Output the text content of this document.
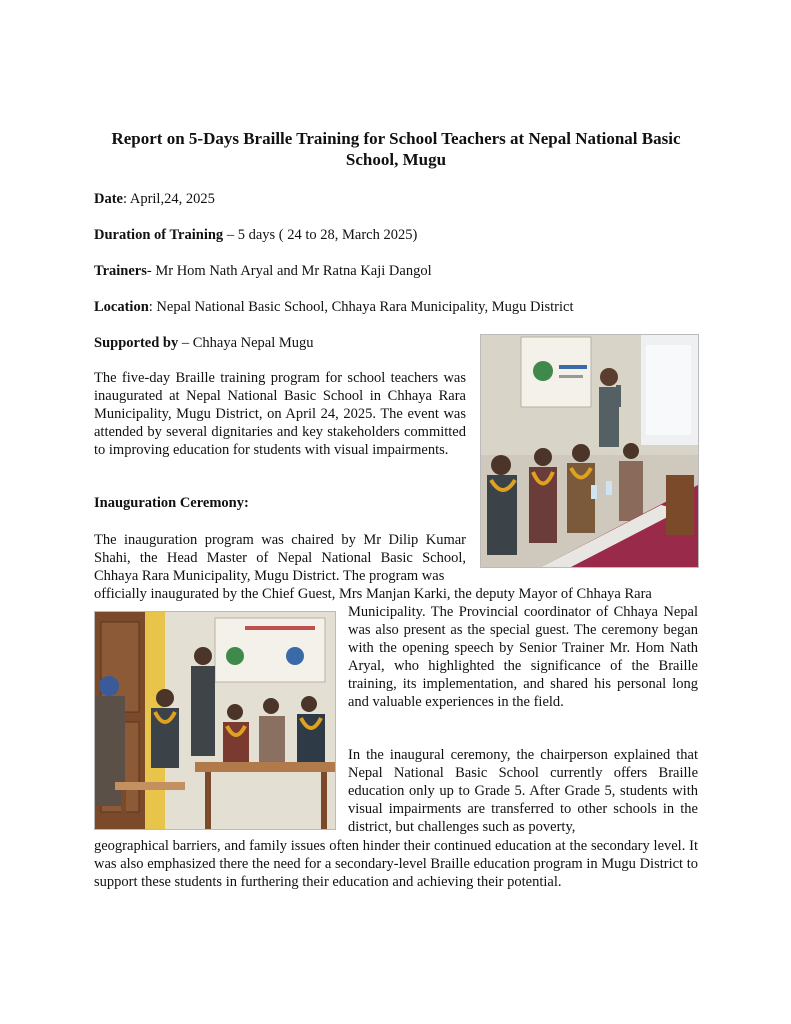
Report on 5-Days Braille Training for School Teachers at Nepal National Basic School, Mugu
Date: April,24, 2025
Duration of Training – 5 days ( 24 to 28, March 2025)
Trainers- Mr Hom Nath Aryal and Mr Ratna Kaji Dangol
Location: Nepal National Basic School, Chhaya Rara Municipality, Mugu District
Supported by – Chhaya Nepal Mugu
The five-day Braille training program for school teachers was inaugurated at Nepal National Basic School in Chhaya Rara Municipality, Mugu District, on April 24, 2025. The event was attended by several dignitaries and key stakeholders committed to improving education for students with visual impairments.
Inauguration Ceremony:
The inauguration program was chaired by Mr Dilip Kumar Shahi, the Head Master of Nepal National Basic School, Chhaya Rara Municipality, Mugu District. The program was
officially inaugurated by the Chief Guest, Mrs Manjan Karki, the deputy Mayor of Chhaya Rara
Municipality. The Provincial coordinator of Chhaya Nepal was also present as the special guest. The ceremony began with the opening speech by Senior Trainer Mr. Hom Nath Aryal, who highlighted the significance of the Braille training, its implementation, and shared his personal long and valuable experiences in the field.
In the inaugural ceremony, the chairperson explained that Nepal National Basic School currently offers Braille education only up to Grade 5. After Grade 5, students with visual impairments are transferred to other schools in the district, but challenges such as poverty,
geographical barriers, and family issues often hinder their continued education at the secondary level. It was also emphasized there the need for a secondary-level Braille education program in Mugu District to support these students in furthering their education and achieving their potential.
